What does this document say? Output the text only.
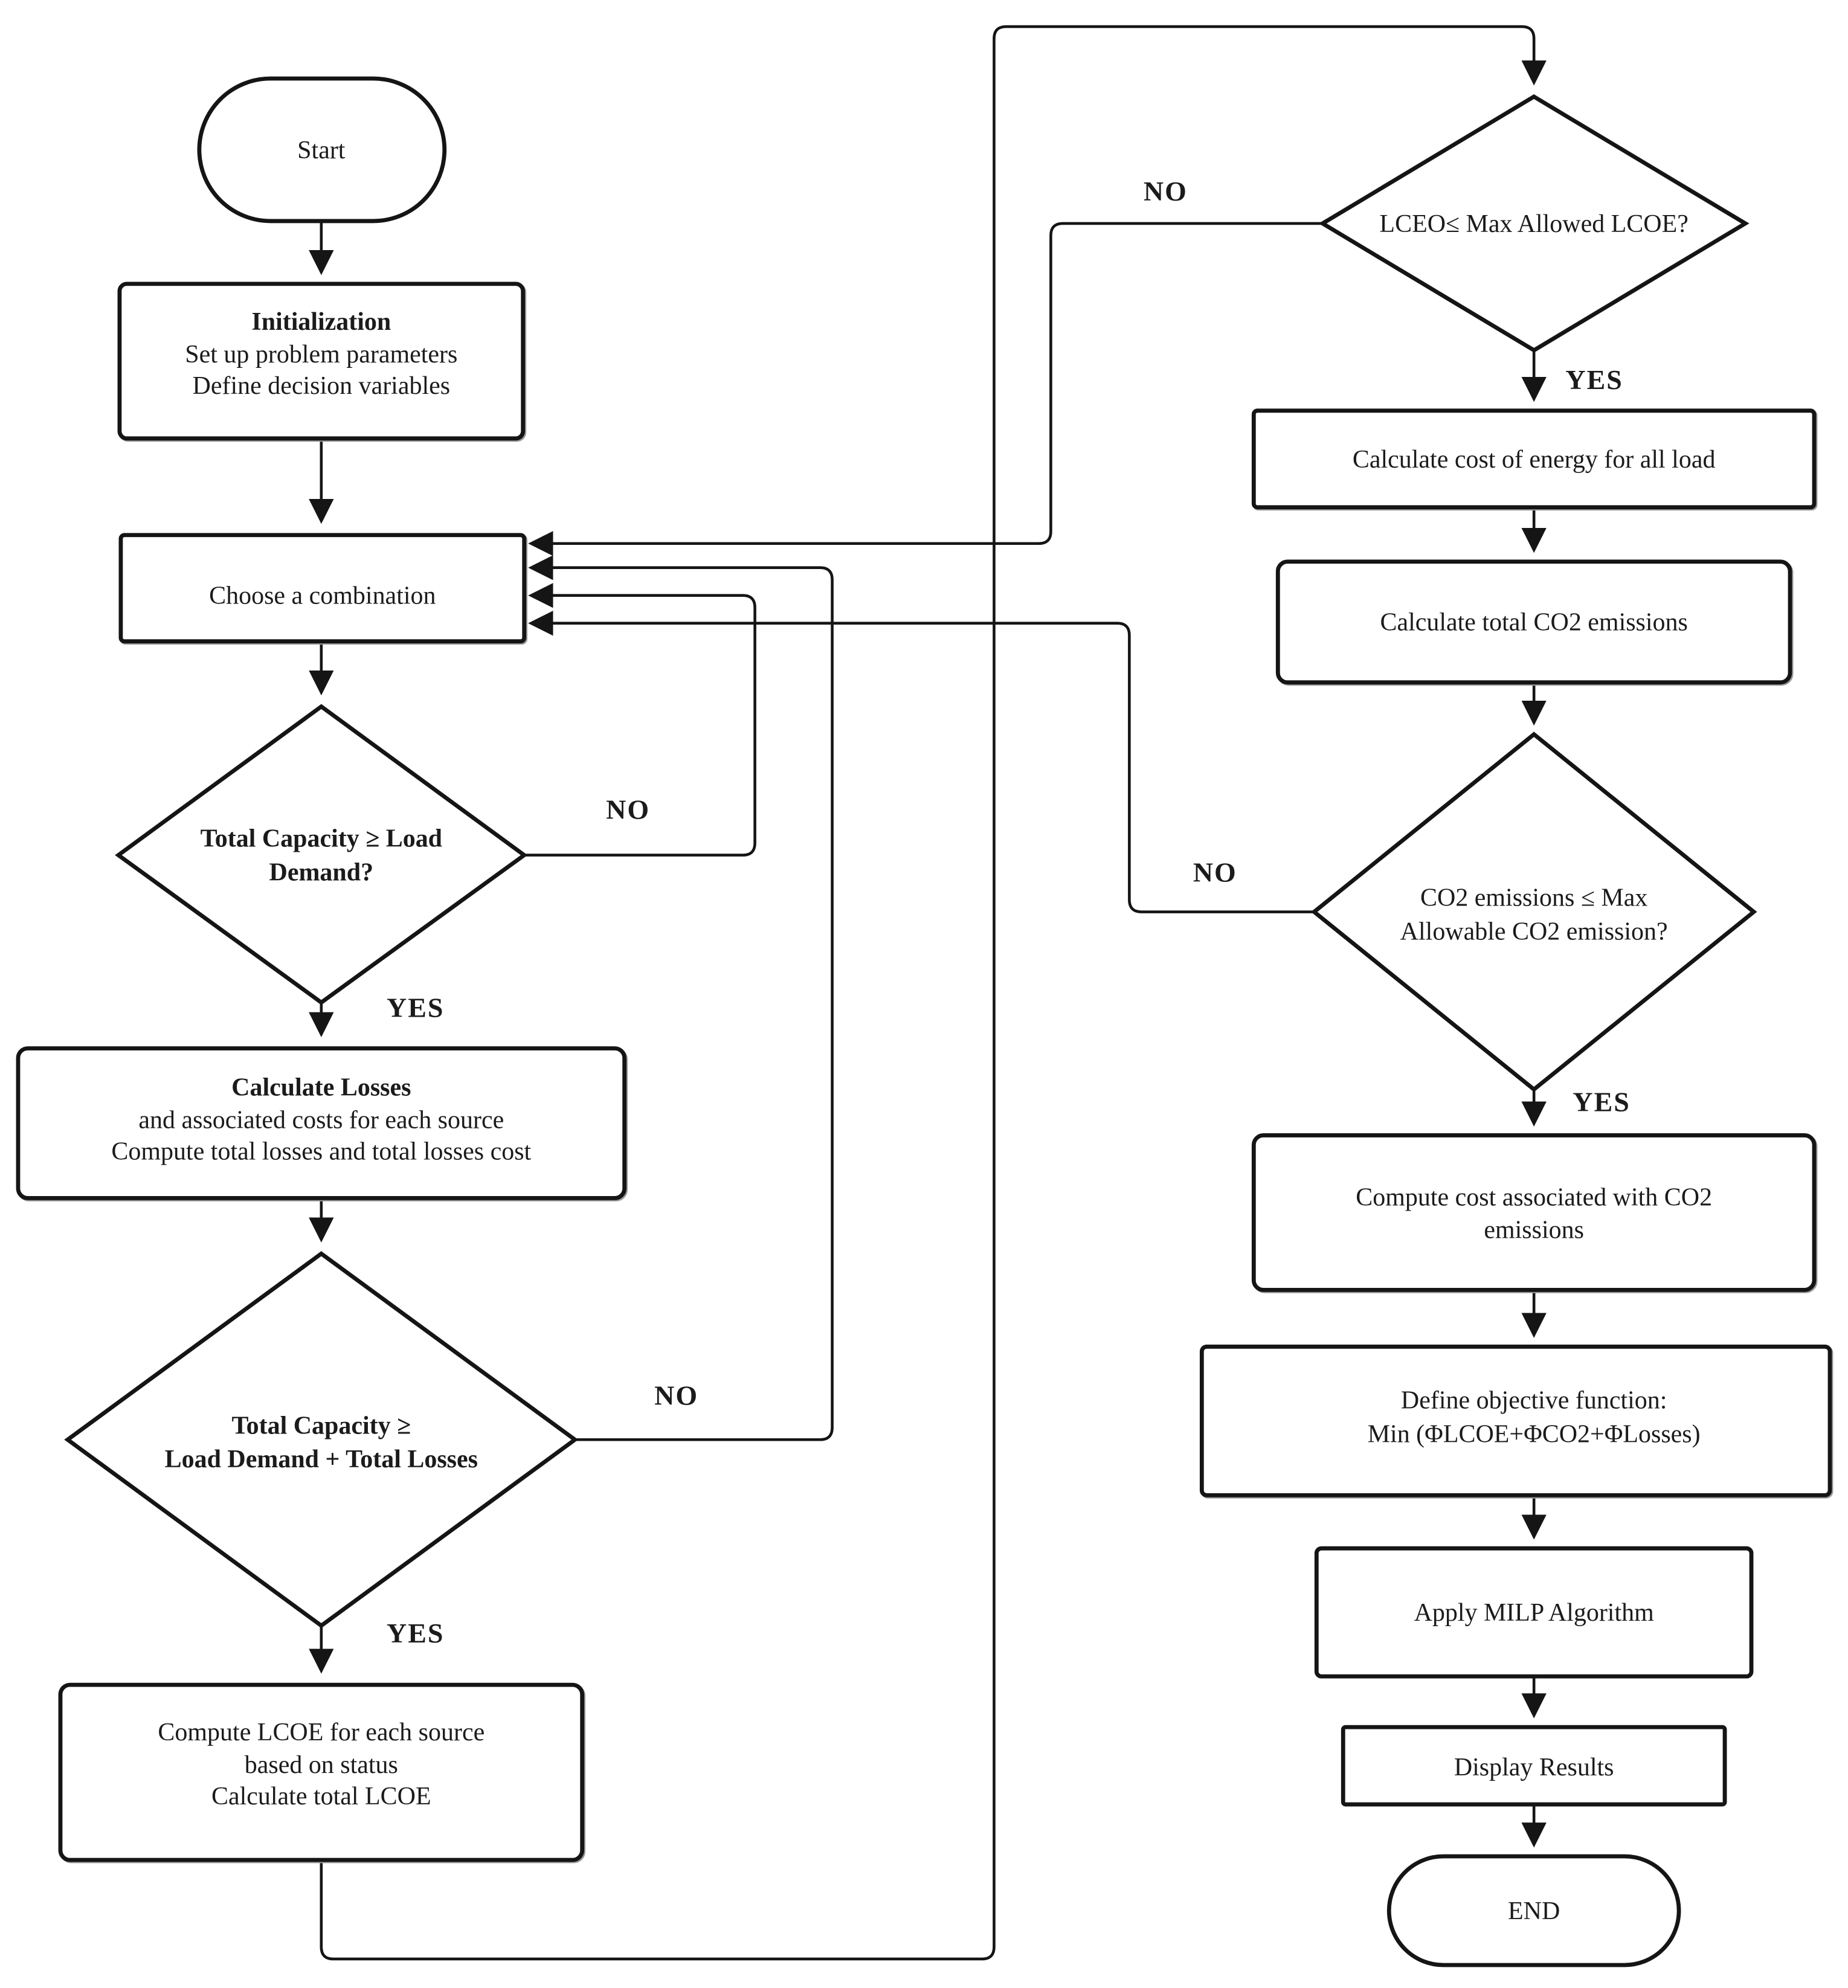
NO
YES
NO
YES
NO
YES
NO
YES
Start
Initialization
Set up problem parameters
Define decision variables
Choose a combination
Total Capacity ≥ Load
Demand?
Calculate Losses
and associated costs for each source
Compute total losses and total losses cost
Total Capacity ≥
Load Demand + Total Losses
Compute LCOE for each source
based on status
Calculate total LCOE
LCEO≤ Max Allowed LCOE?
Calculate cost of energy for all load
Calculate total CO2 emissions
CO2 emissions ≤ Max
Allowable CO2 emission?
Compute cost associated with CO2
emissions
Define objective function:
Min (ΦLCOE+ΦCO2+ΦLosses)
Apply MILP Algorithm
Display Results
END
